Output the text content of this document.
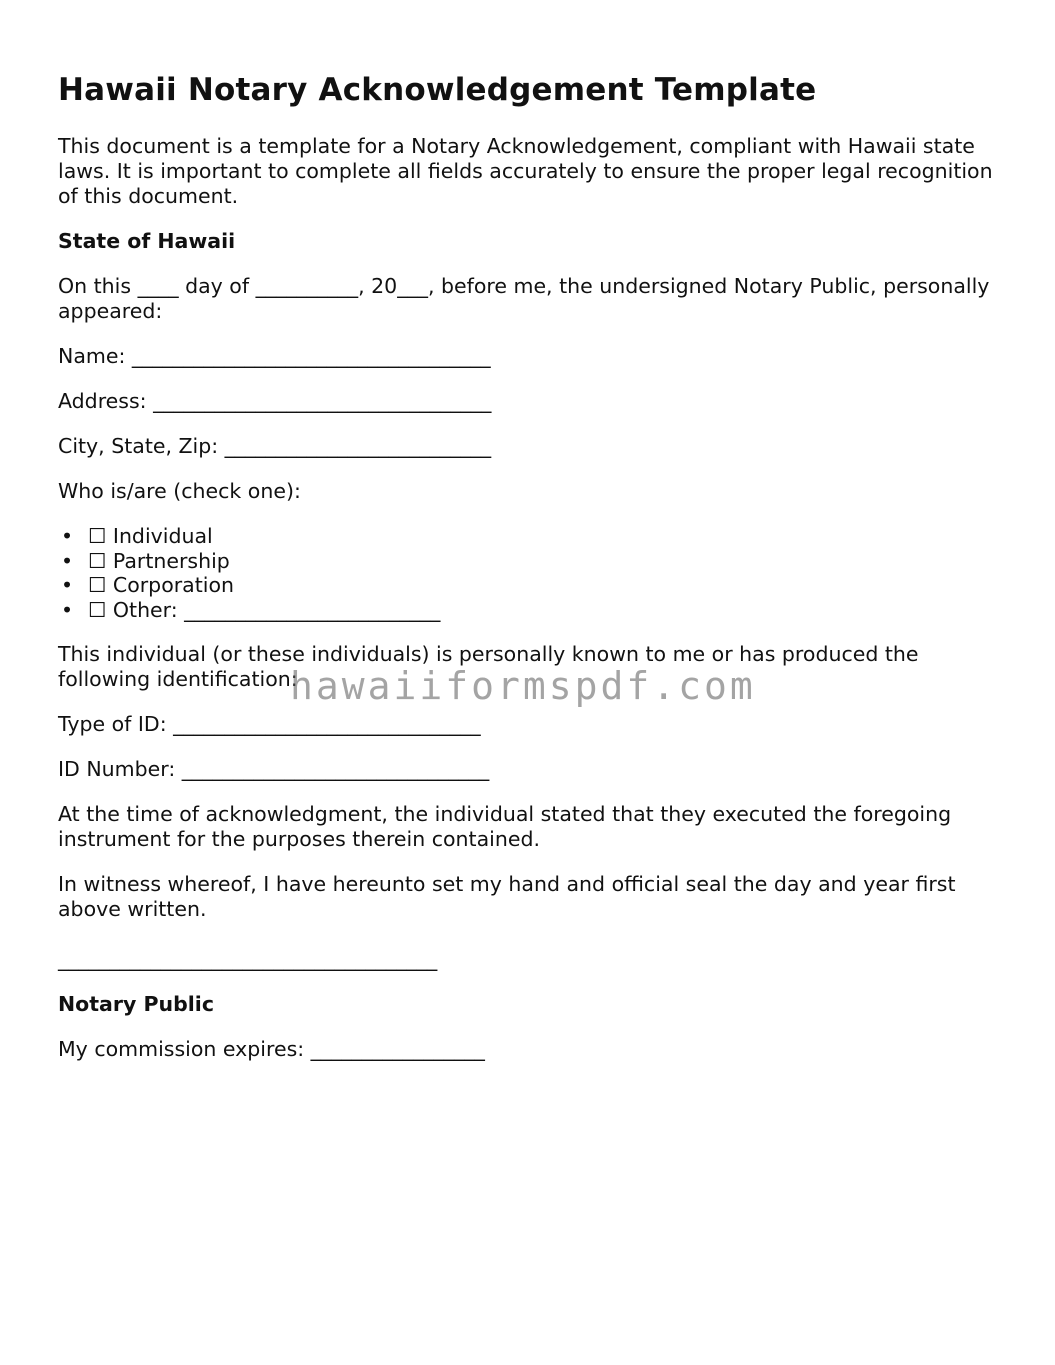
Hawaii Notary Acknowledgement Template

This document is a template for a Notary Acknowledgement, compliant with Hawaii state laws. It is important to complete all fields accurately to ensure the proper legal recognition of this document.

State of Hawaii

On this ____ day of __________, 20___, before me, the undersigned Notary Public, personally appeared:

Name: ___________________________________

Address: _________________________________

City, State, Zip: __________________________

Who is/are (check one):

• ☐ Individual
• ☐ Partnership
• ☐ Corporation
• ☐ Other: _________________________

This individual (or these individuals) is personally known to me or has produced the following identification:

Type of ID: ______________________________

ID Number: ______________________________

At the time of acknowledgment, the individual stated that they executed the foregoing instrument for the purposes therein contained.

In witness whereof, I have hereunto set my hand and official seal the day and year first above written.

_____________________________________
Notary Public

My commission expires: _________________

hawaiiformspdf.com
